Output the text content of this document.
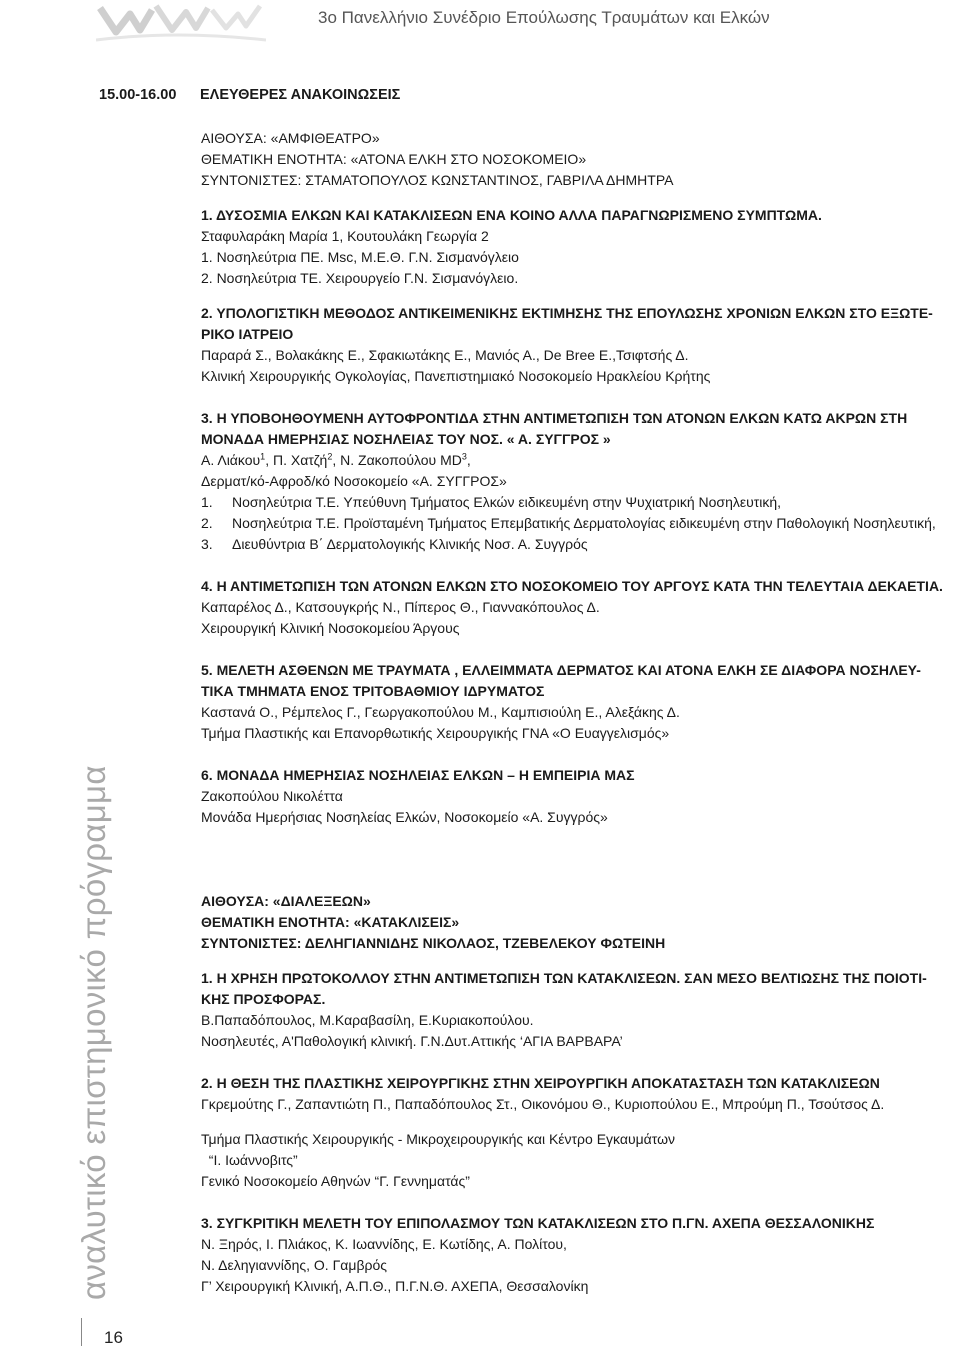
3ο Πανελλήνιο Συνέδριο Επούλωσης Τραυμάτων και Ελκών
αναλυτικό επιστημονικό πρόγραμμα
16
15.00-16.00 ΕΛΕΥΘΕΡΕΣ ΑΝΑΚΟΙΝΩΣΕΙΣ
ΑΙΘΟΥΣΑ: «ΑΜΦΙΘΕΑΤΡΟ»
ΘΕΜΑΤΙΚΗ ΕΝΟΤΗΤΑ: «ΑΤΟΝΑ ΕΛΚΗ ΣΤΟ ΝΟΣΟΚΟΜΕΙΟ»
ΣΥΝΤΟΝΙΣΤΕΣ: ΣΤΑΜΑΤΟΠΟΥΛΟΣ ΚΩΝΣΤΑΝΤΙΝΟΣ, ΓΑΒΡΙΛΑ ΔΗΜΗΤΡΑ
1. ΔΥΣΟΣΜΙΑ ΕΛΚΩΝ ΚΑΙ ΚΑΤΑΚΛΙΣΕΩΝ ΕΝΑ ΚΟΙΝΟ ΑΛΛΑ ΠΑΡΑΓΝΩΡΙΣΜΕΝΟ ΣΥΜΠΤΩΜΑ.
Σταφυλαράκη Μαρία 1, Κουτουλάκη Γεωργία 2
1. Νοσηλεύτρια ΠΕ. Msc, Μ.Ε.Θ. Γ.Ν. Σισμανόγλειο
2. Νοσηλεύτρια ΤΕ. Χειρουργείο Γ.Ν. Σισμανόγλειο.
2. ΥΠΟΛΟΓΙΣΤΙΚΗ ΜΕΘΟΔΟΣ ΑΝΤΙΚΕΙΜΕΝΙΚΗΣ ΕΚΤΙΜΗΣΗΣ ΤΗΣ ΕΠΟΥΛΩΣΗΣ ΧΡΟΝΙΩΝ ΕΛΚΩΝ ΣΤΟ ΕΞΩΤΕ-
ΡΙΚΟ ΙΑΤΡΕΙΟ
Παραρά Σ., Βολακάκης Ε., Σφακιωτάκης Ε., Μανιός Α., De Bree E.,Τσιφτσής Δ.
Κλινική Χειρουργικής Ογκολογίας, Πανεπιστημιακό Νοσοκομείο Ηρακλείου Κρήτης
3. Η ΥΠΟΒΟΗΘΟΥΜΕΝΗ ΑΥΤΟΦΡΟΝΤΙΔΑ ΣΤΗΝ ΑΝΤΙΜΕΤΩΠΙΣΗ ΤΩΝ ΑΤΟΝΩΝ ΕΛΚΩΝ ΚΑΤΩ ΑΚΡΩΝ ΣΤΗ
ΜΟΝΑΔΑ ΗΜΕΡΗΣΙΑΣ ΝΟΣΗΛΕΙΑΣ ΤΟΥ ΝΟΣ. « Α. ΣΥΓΓΡΟΣ »
Α. Λιάκου$^1$, Π. Χατζή$^2$, Ν. Ζακοπούλου $MD^3$,
Δερματ/κό-Αφροδ/κό Νοσοκομείο «Α. ΣΥΓΓΡΟΣ»
1.	Νοσηλεύτρια Τ.Ε. Υπεύθυνη Τμήματος Ελκών ειδικευμένη στην Ψυχιατρική Νοσηλευτική,
2.	Νοσηλεύτρια Τ.Ε. Προϊσταμένη Τμήματος Επεμβατικής Δερματολογίας ειδικευμένη στην Παθολογική Νοσηλευτική,
3.	Διευθύντρια Β΄ Δερματολογικής Κλινικής Νοσ. Α. Συγγρός
4. Η ΑΝΤΙΜΕΤΩΠΙΣΗ ΤΩΝ ΑΤΟΝΩΝ ΕΛΚΩΝ ΣΤΟ ΝΟΣΟΚΟΜΕΙΟ ΤΟΥ ΑΡΓΟΥΣ ΚΑΤΑ ΤΗΝ ΤΕΛΕΥΤΑΙΑ ΔΕΚΑΕΤΙΑ.
Καπαρέλος Δ., Κατσουγκρής Ν., Πίπερος Θ., Γιαννακόπουλος Δ.
Χειρουργική Κλινική Νοσοκομείου Άργους
5. ΜΕΛΕΤΗ ΑΣΘΕΝΩΝ ΜΕ ΤΡΑΥΜΑΤΑ , ΕΛΛΕΙΜΜΑΤΑ ΔΕΡΜΑΤΟΣ ΚΑΙ ΑΤΟΝΑ ΕΛΚΗ ΣΕ ΔΙΑΦΟΡΑ ΝΟΣΗΛΕΥ-
ΤΙΚΑ ΤΜΗΜΑΤΑ ΕΝΟΣ ΤΡΙΤΟΒΑΘΜΙΟΥ ΙΔΡΥΜΑΤΟΣ
Καστανά Ο., Ρέμπελος Γ., Γεωργακοπούλου Μ., Καμπισιούλη Ε., Αλεξάκης Δ.
Τμήμα Πλαστικής και Επανορθωτικής Χειρουργικής ΓΝΑ «Ο Ευαγγελισμός»
6. ΜΟΝΑΔΑ ΗΜΕΡΗΣΙΑΣ ΝΟΣΗΛΕΙΑΣ ΕΛΚΩΝ – Η ΕΜΠΕΙΡΙΑ ΜΑΣ
Ζακοπούλου Νικολέττα
Μονάδα Ημερήσιας Νοσηλείας Ελκών, Νοσοκομείο «Α. Συγγρός»
ΑΙΘΟΥΣΑ: «ΔΙΑΛΕΞΕΩΝ»
ΘΕΜΑΤΙΚΗ ΕΝΟΤΗΤΑ: «ΚΑΤΑΚΛΙΣΕΙΣ»
ΣΥΝΤΟΝΙΣΤΕΣ: ΔΕΛΗΓΙΑΝΝΙΔΗΣ ΝΙΚΟΛΑΟΣ, ΤΖΕΒΕΛΕΚΟΥ ΦΩΤΕΙΝΗ
1. Η ΧΡΗΣΗ ΠΡΩΤΟΚΟΛΛΟΥ ΣΤΗΝ ΑΝΤΙΜΕΤΩΠΙΣΗ ΤΩΝ ΚΑΤΑΚΛΙΣΕΩΝ. ΣΑΝ ΜΕΣΟ ΒΕΛΤΙΩΣΗΣ ΤΗΣ ΠΟΙΟΤΙ-
ΚΗΣ ΠΡΟΣΦΟΡΑΣ.
Β.Παπαδόπουλος, Μ.Καραβασίλη, Ε.Κυριακοπούλου.
Νοσηλευτές, Α'Παθολογική κλινική. Γ.Ν.Δυτ.Αττικής ‘ΑΓΙΑ ΒΑΡΒΑΡΑ’
2. Η ΘΕΣΗ ΤΗΣ ΠΛΑΣΤΙΚΗΣ ΧΕΙΡΟΥΡΓΙΚΗΣ ΣΤΗΝ ΧΕΙΡΟΥΡΓΙΚΗ ΑΠΟΚΑΤΑΣΤΑΣΗ ΤΩΝ ΚΑΤΑΚΛΙΣΕΩΝ
Γκρεμούτης Γ., Ζαπαντιώτη Π., Παπαδόπουλος Στ., Οικονόμου Θ., Κυριοπούλου Ε., Μπρούμη Π., Τσούτσος Δ.
Τμήμα Πλαστικής Χειρουργικής - Μικροχειρουργικής και Κέντρο Εγκαυμάτων
“Ι. Ιωάννοβιτς”
Γενικό Νοσοκομείο Αθηνών “Γ. Γεννηματάς”
3. ΣΥΓΚΡΙΤΙΚΗ ΜΕΛΕΤΗ ΤΟΥ ΕΠΙΠΟΛΑΣΜΟΥ ΤΩΝ ΚΑΤΑΚΛΙΣΕΩΝ ΣΤΟ Π.ΓΝ. ΑΧΕΠΑ ΘΕΣΣΑΛΟΝΙΚΗΣ
Ν. Ξηρός, Ι. Πλιάκος, Κ. Ιωαννίδης, Ε. Κωτίδης, Α. Πολίτου,
Ν. Δεληγιαννίδης, Ο. Γαμβρός
Γ’ Χειρουργική Κλινική, Α.Π.Θ., Π.Γ.Ν.Θ. ΑΧΕΠΑ, Θεσσαλονίκη
